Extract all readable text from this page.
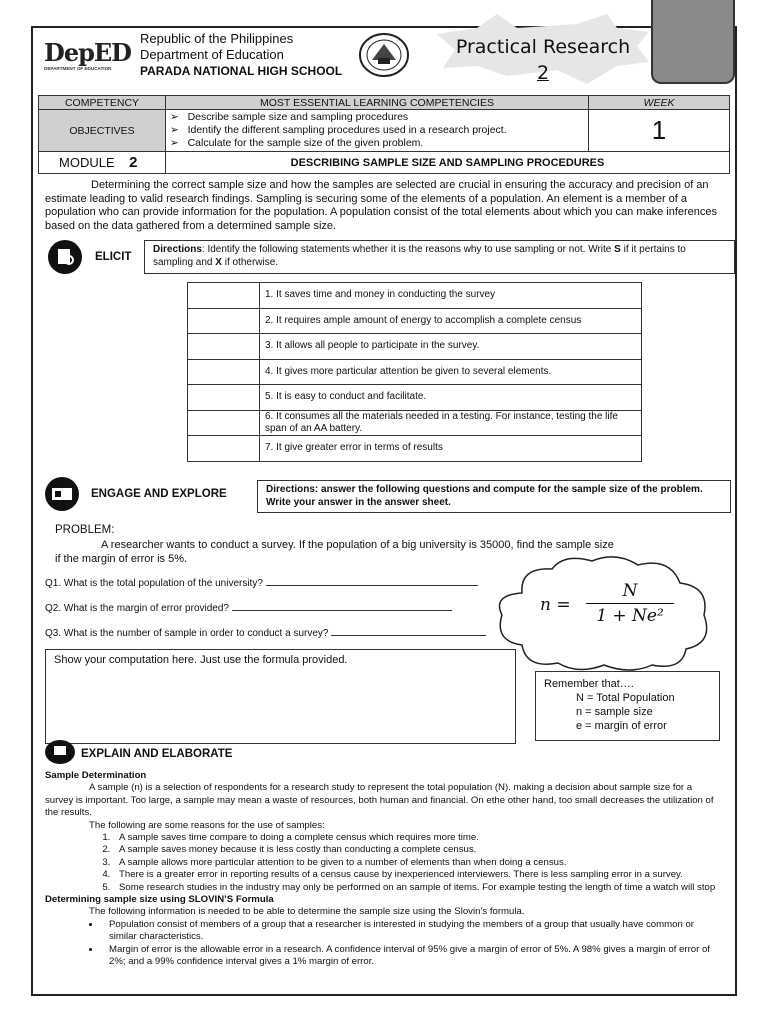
DepED
DEPARTMENT OF EDUCATION
Republic of the Philippines
Department of Education
PARADA NATIONAL HIGH SCHOOL
Practical Research
2
COMPETENCY	MOST ESSENTIAL LEARNING COMPETENCIES	WEEK
OBJECTIVES	➢   Describe sample size and sampling procedures
➢   Identify the different sampling procedures used in a research project.
➢   Calculate for the sample size of the given problem.	1
MODULE 2	DESCRIBING SAMPLE SIZE AND SAMPLING PROCEDURES	
Determining the correct sample size and how the samples are selected are crucial in ensuring the accuracy and precision of an estimate leading to valid research findings. Sampling is securing some of the elements of a population. An element is a member of a population who can provide information for the population. A population consist of the total elements about which you can make inferences based on the data gathered from a determined sample size.
ELICIT
Directions: Identify the following statements whether it is the reasons why to use sampling or not. Write S if it pertains to sampling and X if otherwise.
	1. It saves time and money in conducting the survey
	2. It requires ample amount of energy to accomplish a complete census
	3. It allows all people to participate in the survey.
	4. It gives more particular attention be given to several elements.
	5. It is easy to conduct and facilitate.
	6. It consumes all the materials needed in a testing. For instance, testing the life span of an AA battery.
	7. It give greater error in terms of results
ENGAGE AND EXPLORE	Directions: answer the following questions and compute for the sample size of the problem. Write your answer in the answer sheet.
PROBLEM:
A researcher wants to conduct a survey. If the population of a big university is 35000, find the sample size if the margin of error is 5%.
Q1. What is the total population of the university?
Q2. What is the margin of error provided?
Q3. What is the number of sample in order to conduct a survey?
n =
N
1 + Ne²
Show your computation here. Just use the formula provided.
Remember that….
N = Total Population
n = sample size
e = margin of error
EXPLAIN AND ELABORATE
Sample Determination
A sample (n) is a selection of respondents for a research study to represent the total population (N). making a decision about sample size for a survey is important. Too large, a sample may mean a waste of resources, both human and financial. On ethe other hand, too small decreases the utilization of the results.
The following are some reasons for the use of samples:
1. A sample saves time compare to doing a complete census which requires more time.
2. A sample saves money because it is less costly than conducting a complete census.
3. A sample allows more particular attention to be given to a number of elements than when doing a census.
4. There is a greater error in reporting results of a census cause by inexperienced interviewers. There is less sampling error in a survey.
5. Some research studies in the industry may only be performed on an sample of items. For example testing the length of time a watch will stop
Determining sample size using SLOVIN’S Formula
The following information is needed to be able to determine the sample size using the Slovin’s formula.
• Population consist of members of a group that a researcher is interested in studying the members of a group that usually have common or similar characteristics.
• Margin of error is the allowable error in a research. A confidence interval of 95% give a margin of error of 5%. A 98% gives a margin of error of 2%; and a 99% confidence interval gives a 1% margin of error.
